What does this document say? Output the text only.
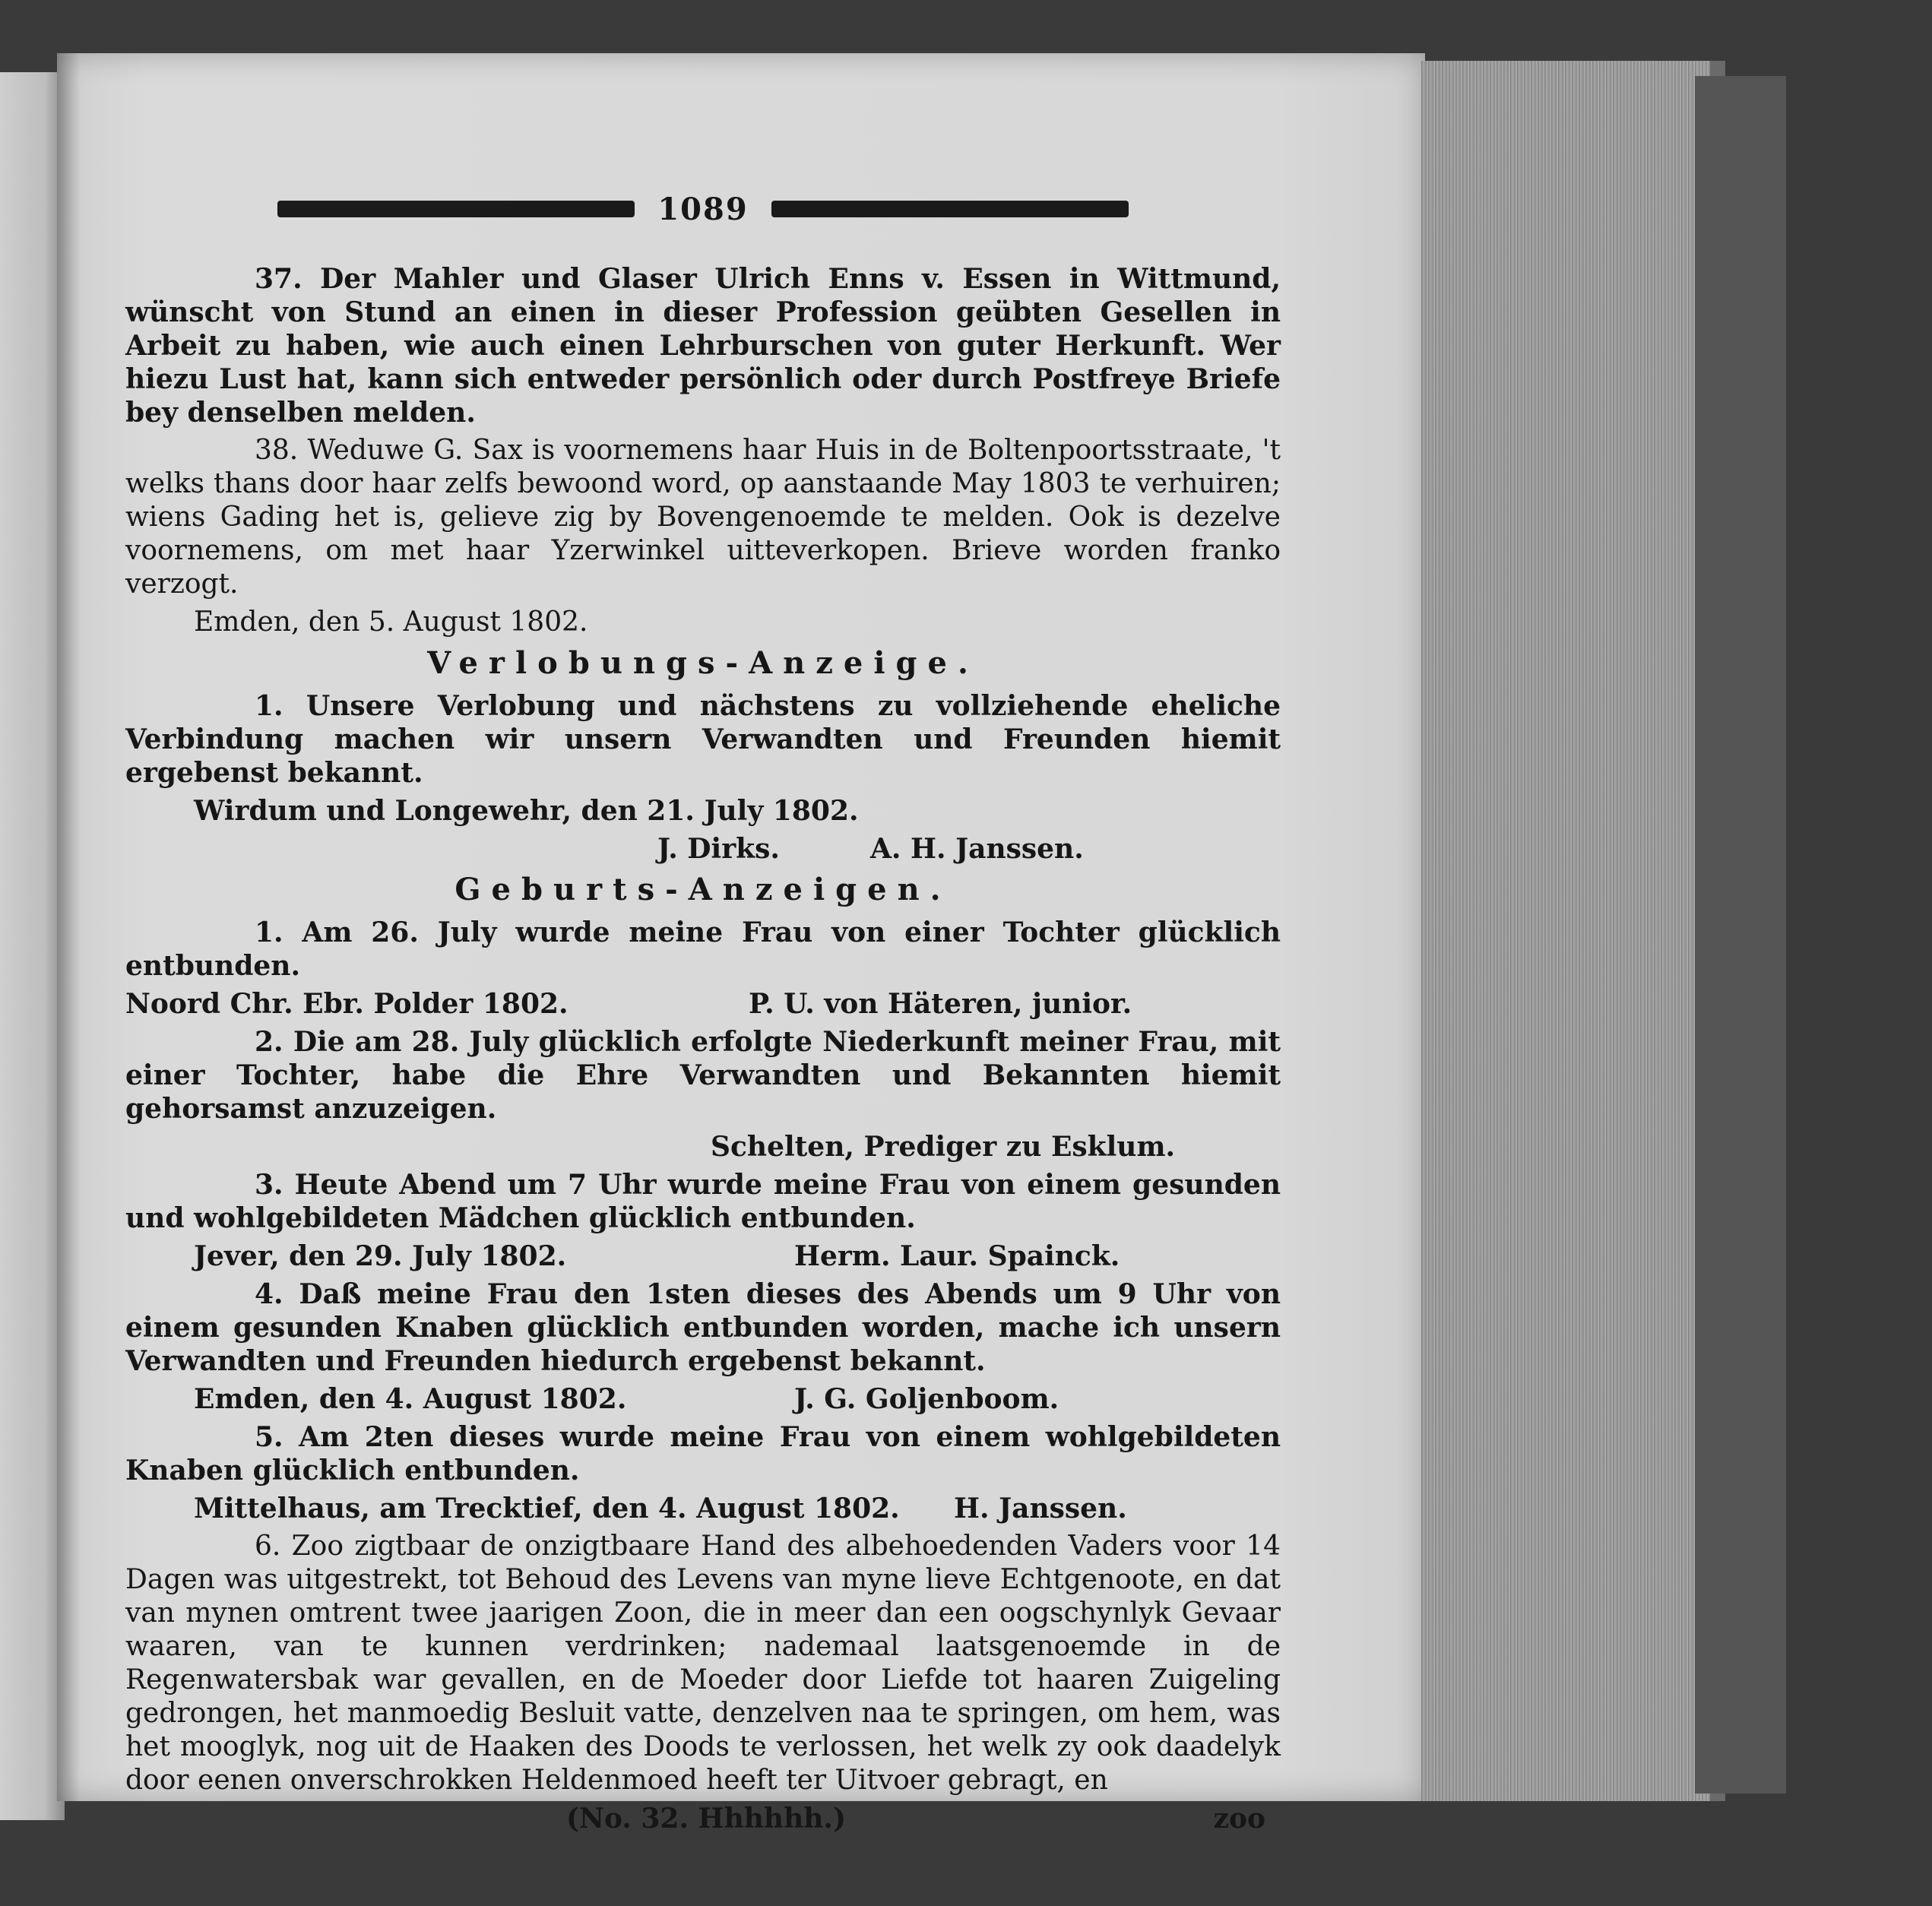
1089

37. Der Mahler und Glaser Ulrich Enns v. Essen in Wittmund, wünscht von Stund an einen in dieser Profession geübten Gesellen in Arbeit zu haben, wie auch einen Lehrburschen von guter Herkunft. Wer hiezu Lust hat, kann sich entweder persönlich oder durch Postfreye Briefe bey denselben melden.

38. Weduwe G. Sax is voornemens haar Huis in de Boltenpoortsstraate, 't welks thans door haar zelfs bewoond word, op aanstaande May 1803 te verhuiren; wiens Gading het is, gelieve zig by Bovengenoemde te melden. Ook is dezelve voornemens, om met haar Yzerwinkel uitteverkopen. Brieve worden franko verzogt.

Emden, den 5. August 1802.
Verlobungs-Anzeige.

1. Unsere Verlobung und nächstens zu vollziehende eheliche Verbindung machen wir unsern Verwandten und Freunden hiemit ergebenst bekannt.

Wirdum und Longewehr, den 21. July 1802.
J. Dirks.	A. H. Janssen.
Geburts-Anzeigen.

1. Am 26. July wurde meine Frau von einer Tochter glücklich entbunden.

Noord Chr. Ebr. Polder 1802.	P. U. von Häteren, junior.

2. Die am 28. July glücklich erfolgte Niederkunft meiner Frau, mit einer Tochter, habe die Ehre Verwandten und Bekannten hiemit gehorsamst anzuzeigen.

Schelten, Prediger zu Esklum.

3. Heute Abend um 7 Uhr wurde meine Frau von einem gesunden und wohlgebildeten Mädchen glücklich entbunden.

Jever, den 29. July 1802.	Herm. Laur. Spainck.

4. Daß meine Frau den 1sten dieses des Abends um 9 Uhr von einem gesunden Knaben glücklich entbunden worden, mache ich unsern Verwandten und Freunden hiedurch ergebenst bekannt.

Emden, den 4. August 1802.	J. G. Goljenboom.

5. Am 2ten dieses wurde meine Frau von einem wohlgebildeten Knaben glücklich entbunden.

Mittelhaus, am Trecktief, den 4. August 1802.	H. Janssen.

6. Zoo zigtbaar de onzigtbaare Hand des albehoedenden Vaders voor 14 Dagen was uitgestrekt, tot Behoud des Levens van myne lieve Echtgenoote, en dat van mynen omtrent twee jaarigen Zoon, die in meer dan een oogschynlyk Gevaar waaren, van te kunnen verdrinken; nademaal laatsgenoemde in de Regenwatersbak war gevallen, en de Moeder door Liefde tot haaren Zuigeling gedrongen, het manmoedig Besluit vatte, denzelven naa te springen, om hem, was het mooglyk, nog uit de Haaken des Doods te verlossen, het welk zy ook daadelyk door eenen onverschrokken Heldenmoed heeft ter Uitvoer gebragt, en

(No. 32. Hhhhhh.)	zoo
